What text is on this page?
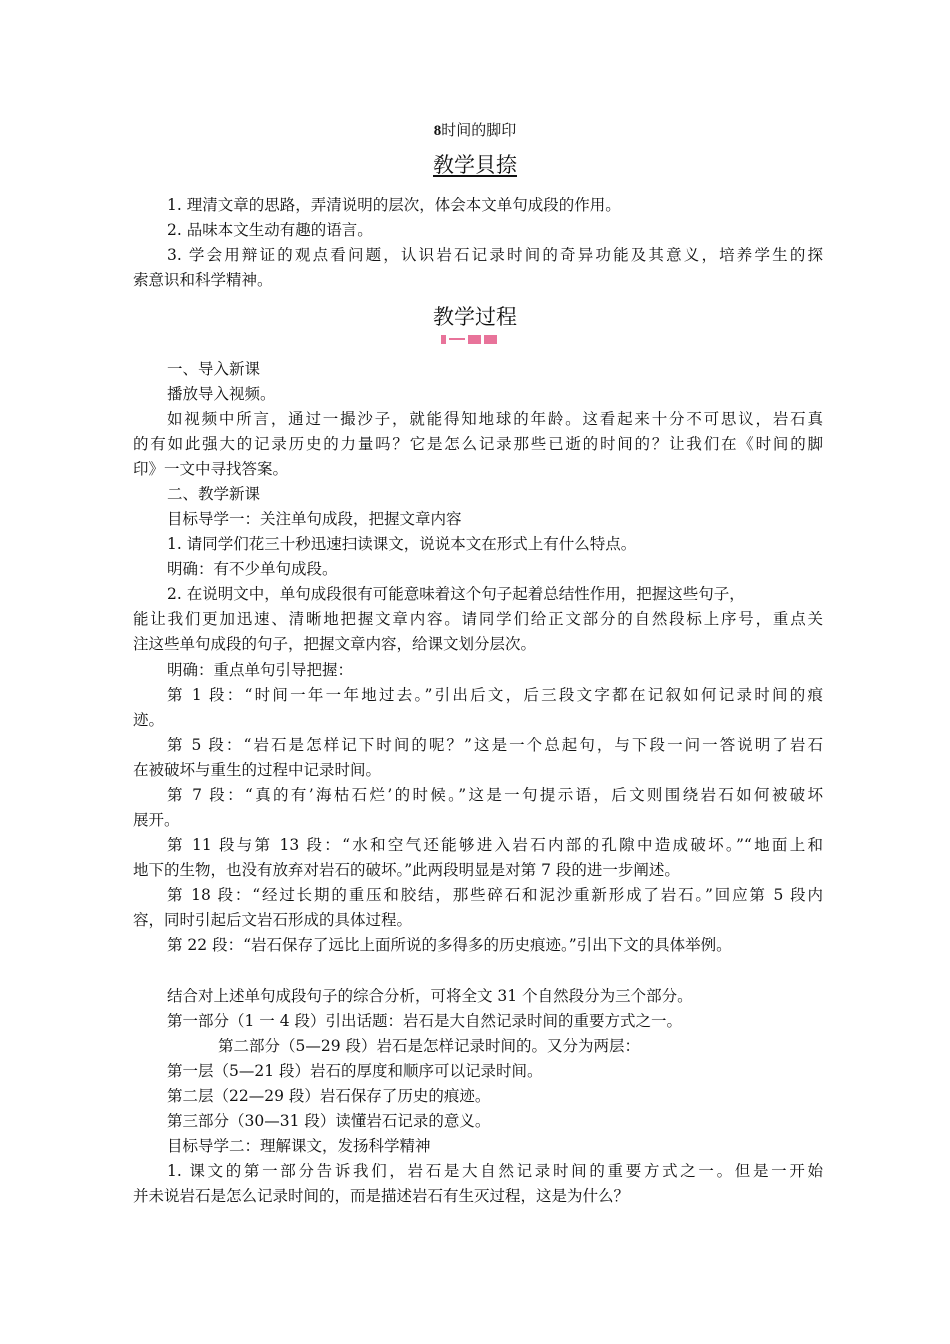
8时间的脚印
敎学貝捺
1. 理清文章的思路，弄清说明的层次，体会本文单句成段的作用。
2. 品味本文生动有趣的语言。
3. 学会用辩证的观点看问题，认识岩石记录时间的奇异功能及其意义，培养学生的探
索意识和科学精神。
教学过程
一、导入新课
播放导入视频。
如视频中所言，通过一撮沙子，就能得知地球的年龄。这看起来十分不可思议，岩石真
的有如此强大的记录历史的力量吗？它是怎么记录那些已逝的时间的？让我们在《时间的脚
印》一文中寻找答案。
二、教学新课
目标导学一：关注单句成段，把握文章内容
1. 请同学们花三十秒迅速扫读课文，说说本文在形式上有什么特点。
明确：有不少单句成段。
2. 在说明文中，单句成段很有可能意味着这个句子起着总结性作用，把握这些句子，
能让我们更加迅速、清晰地把握文章内容。请同学们给正文部分的自然段标上序号，重点关
注这些单句成段的句子，把握文章内容，给课文划分层次。
明确：重点单句引导把握：
第 1 段：“时间一年一年地过去。”引出后文，后三段文字都在记叙如何记录时间的痕
迹。
第 5 段：“岩石是怎样记下时间的呢？”这是一个总起句，与下段一问一答说明了岩石
在被破坏与重生的过程中记录时间。
第 7 段：“真的有’海枯石烂’的时候。”这是一句提示语，后文则围绕岩石如何被破坏
展开。
第 11 段与第 13 段：“水和空气还能够进入岩石内部的孔隙中造成破坏。”“地面上和
地下的生物，也没有放弃对岩石的破坏。”此两段明显是对第 7 段的进一步阐述。
第 18 段：“经过长期的重压和胶结，那些碎石和泥沙重新形成了岩石。”回应第 5 段内
容，同时引起后文岩石形成的具体过程。
第 22 段：“岩石保存了远比上面所说的多得多的历史痕迹。”引出下文的具体举例。
结合对上述单句成段句子的综合分析，可将全文 31 个自然段分为三个部分。
第一部分（1 一 4 段）引出话题：岩石是大自然记录时间的重要方式之一。
第二部分（5—29 段）岩石是怎样记录时间的。又分为两层：
第一层（5—21 段）岩石的厚度和顺序可以记录时间。
第二层（22—29 段）岩石保存了历史的痕迹。
第三部分（30—31 段）读懂岩石记录的意义。
目标导学二：理解课文，发扬科学精神
1. 课文的第一部分告诉我们，岩石是大自然记录时间的重要方式之一。但是一开始
并未说岩石是怎么记录时间的，而是描述岩石有生灭过程，这是为什么？
